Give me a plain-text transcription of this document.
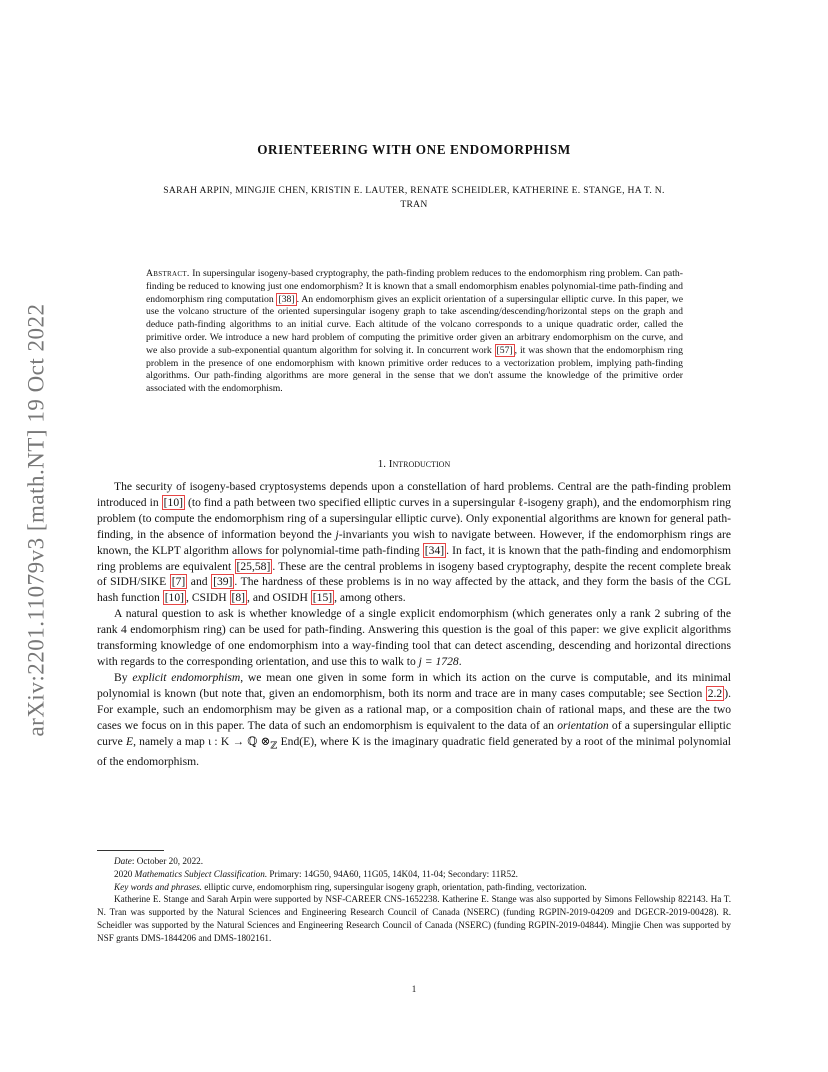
arXiv:2201.11079v3 [math.NT] 19 Oct 2022
ORIENTEERING WITH ONE ENDOMORPHISM
SARAH ARPIN, MINGJIE CHEN, KRISTIN E. LAUTER, RENATE SCHEIDLER, KATHERINE E. STANGE, HA T. N.
TRAN
Abstract. In supersingular isogeny-based cryptography, the path-finding problem reduces to the endomorphism ring problem. Can path-finding be reduced to knowing just one endomorphism? It is known that a small endomorphism enables polynomial-time path-finding and endomorphism ring computation [38] . An endomorphism gives an explicit orientation of a supersingular elliptic curve. In this paper, we use the volcano structure of the oriented supersingular isogeny graph to take ascending/descending/horizontal steps on the graph and deduce path-finding algorithms to an initial curve. Each altitude of the volcano corresponds to a unique quadratic order, called the primitive order. We introduce a new hard problem of computing the primitive order given an arbitrary endomorphism on the curve, and we also provide a sub-exponential quantum algorithm for solving it. In concurrent work [57] , it was shown that the endomorphism ring problem in the presence of one endomorphism with known primitive order reduces to a vectorization problem, implying path-finding algorithms. Our path-finding algorithms are more general in the sense that we don't assume the knowledge of the primitive order associated with the endomorphism.
1. Introduction

The security of isogeny-based cryptosystems depends upon a constellation of hard problems. Central are the path-finding problem introduced in [10] (to find a path between two specified elliptic curves in a supersingular ℓ-isogeny graph), and the endomorphism ring problem (to compute the endomorphism ring of a supersingular elliptic curve). Only exponential algorithms are known for general path-finding, in the absence of information beyond the j-invariants you wish to navigate between. However, if the endomorphism rings are known, the KLPT algorithm allows for polynomial-time path-finding [34] . In fact, it is known that the path-finding and endomorphism ring problems are equivalent [25,58] . These are the central problems in isogeny based cryptography, despite the recent complete break of SIDH/SIKE [7] and [39] . The hardness of these problems is in no way affected by the attack, and they form the basis of the CGL hash function [10] , CSIDH [8] , and OSIDH [15] , among others.

A natural question to ask is whether knowledge of a single explicit endomorphism (which generates only a rank 2 subring of the rank 4 endomorphism ring) can be used for path-finding. Answering this question is the goal of this paper: we give explicit algorithms transforming knowledge of one endomorphism into a way-finding tool that can detect ascending, descending and horizontal directions with regards to the corresponding orientation, and use this to walk to j = 1728.

By explicit endomorphism, we mean one given in some form in which its action on the curve is computable, and its minimal polynomial is known (but note that, given an endomorphism, both its norm and trace are in many cases computable; see Section 2.2 ). For example, such an endomorphism may be given as a rational map, or a composition chain of rational maps, and these are the two cases we focus on in this paper. The data of such an endomorphism is equivalent to the data of an orientation of a supersingular elliptic curve E, namely a map ι : K → ℚ $\otimes_ℤ$ End(E), where K is the imaginary quadratic field generated by a root of the minimal polynomial of the endomorphism.

Date: October 20, 2022.

2020 Mathematics Subject Classification. Primary: 14G50, 94A60, 11G05, 14K04, 11-04; Secondary: 11R52.

Key words and phrases. elliptic curve, endomorphism ring, supersingular isogeny graph, orientation, path-finding, vectorization.

Katherine E. Stange and Sarah Arpin were supported by NSF-CAREER CNS-1652238. Katherine E. Stange was also supported by Simons Fellowship 822143. Ha T. N. Tran was supported by the Natural Sciences and Engineering Research Council of Canada (NSERC) (funding RGPIN-2019-04209 and DGECR-2019-00428). R. Scheidler was supported by the Natural Sciences and Engineering Research Council of Canada (NSERC) (funding RGPIN-2019-04844). Mingjie Chen was supported by NSF grants DMS-1844206 and DMS-1802161.

1
